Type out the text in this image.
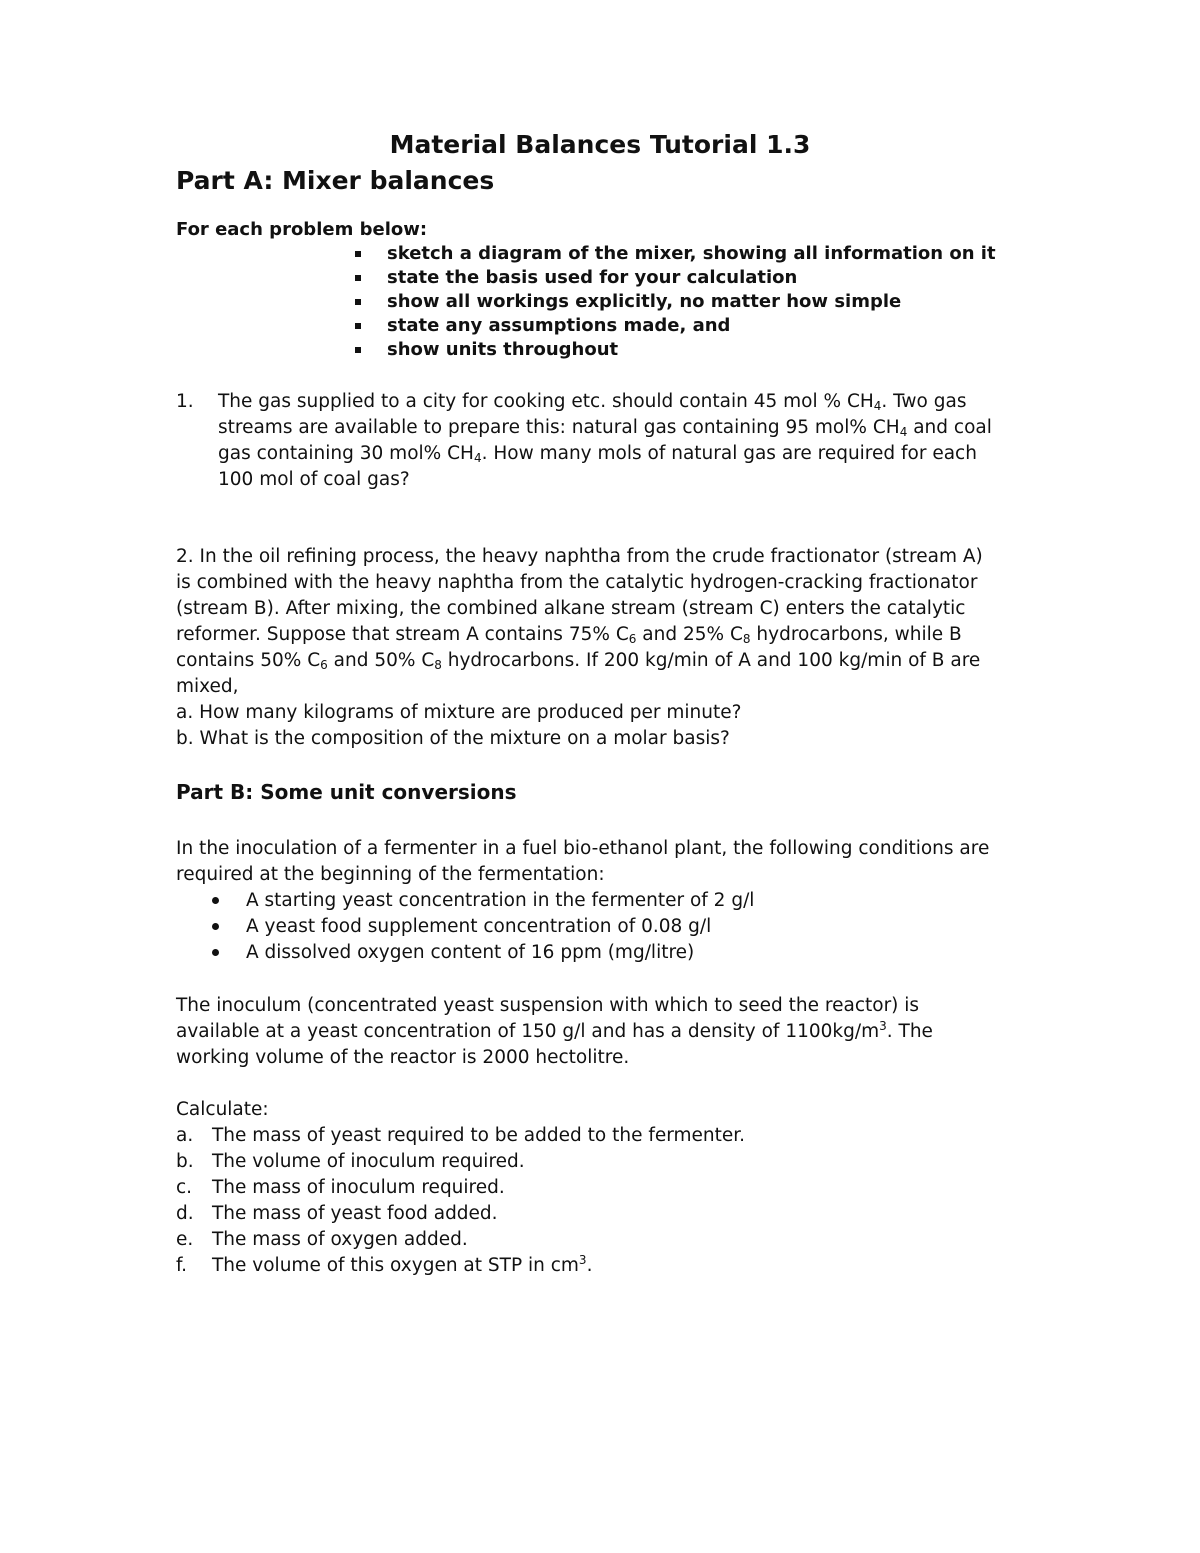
Material Balances Tutorial 1.3
Part A: Mixer balances
For each problem below:
sketch a diagram of the mixer, showing all information on it
state the basis used for your calculation
show all workings explicitly, no matter how simple
state any assumptions made, and
show units throughout
1. The gas supplied to a city for cooking etc. should contain 45 mol % $CH_4$. Two gas
streams are available to prepare this: natural gas containing 95 mol% $CH_4$ and coal
gas containing 30 mol% $CH_4$. How many mols of natural gas are required for each
100 mol of coal gas?
2. In the oil refining process, the heavy naphtha from the crude fractionator (stream A)
is combined with the heavy naphtha from the catalytic hydrogen-cracking fractionator
(stream B). After mixing, the combined alkane stream (stream C) enters the catalytic
reformer. Suppose that stream A contains 75% $C_6$ and 25% $C_8$ hydrocarbons, while B
contains 50% $C_6$ and 50% $C_8$ hydrocarbons. If 200 kg/min of A and 100 kg/min of B are
mixed,
a. How many kilograms of mixture are produced per minute?
b. What is the composition of the mixture on a molar basis?
Part B: Some unit conversions
In the inoculation of a fermenter in a fuel bio-ethanol plant, the following conditions are
required at the beginning of the fermentation:
A starting yeast concentration in the fermenter of 2 g/l
A yeast food supplement concentration of 0.08 g/l
A dissolved oxygen content of 16 ppm (mg/litre)
The inoculum (concentrated yeast suspension with which to seed the reactor) is
available at a yeast concentration of 150 g/l and has a density of $1100kg/m^3$. The
working volume of the reactor is 2000 hectolitre.
Calculate:
a. The mass of yeast required to be added to the fermenter.
b. The volume of inoculum required.
c. The mass of inoculum required.
d. The mass of yeast food added.
e. The mass of oxygen added.
f. The volume of this oxygen at STP in $cm^3$.
